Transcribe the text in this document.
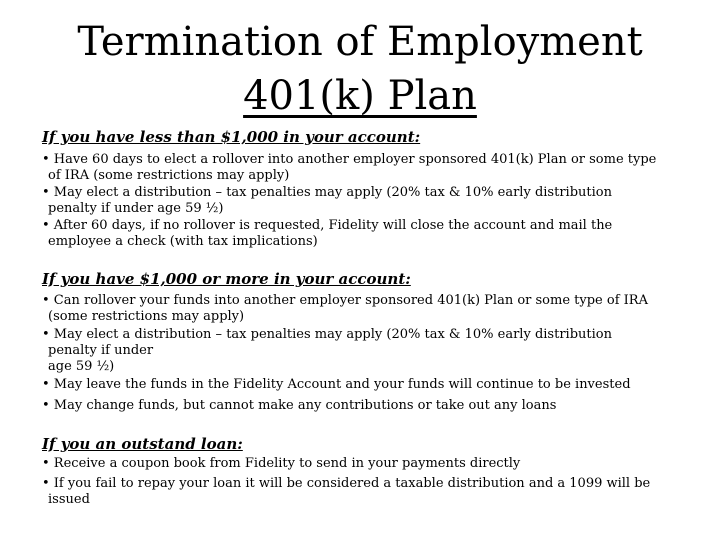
Termination of Employment
401(k) Plan
If you have less than $1,000 in your account:
• Have 60 days to elect a rollover into another employer sponsored 401(k) Plan or some type
of IRA (some restrictions may apply)
• May elect a distribution – tax penalties may apply (20% tax & 10% early distribution
penalty if under age 59 ½)
• After 60 days, if no rollover is requested, Fidelity will close the account and mail the
employee a check (with tax implications)
If you have $1,000 or more in your account:
• Can rollover your funds into another employer sponsored 401(k) Plan or some type of IRA
(some restrictions may apply)
• May elect a distribution – tax penalties may apply (20% tax & 10% early distribution
penalty if under
age 59 ½)
• May leave the funds in the Fidelity Account and your funds will continue to be invested
• May change funds, but cannot make any contributions or take out any loans
If you an outstand loan:
• Receive a coupon book from Fidelity to send in your payments directly
• If you fail to repay your loan it will be considered a taxable distribution and a 1099 will be
issued
